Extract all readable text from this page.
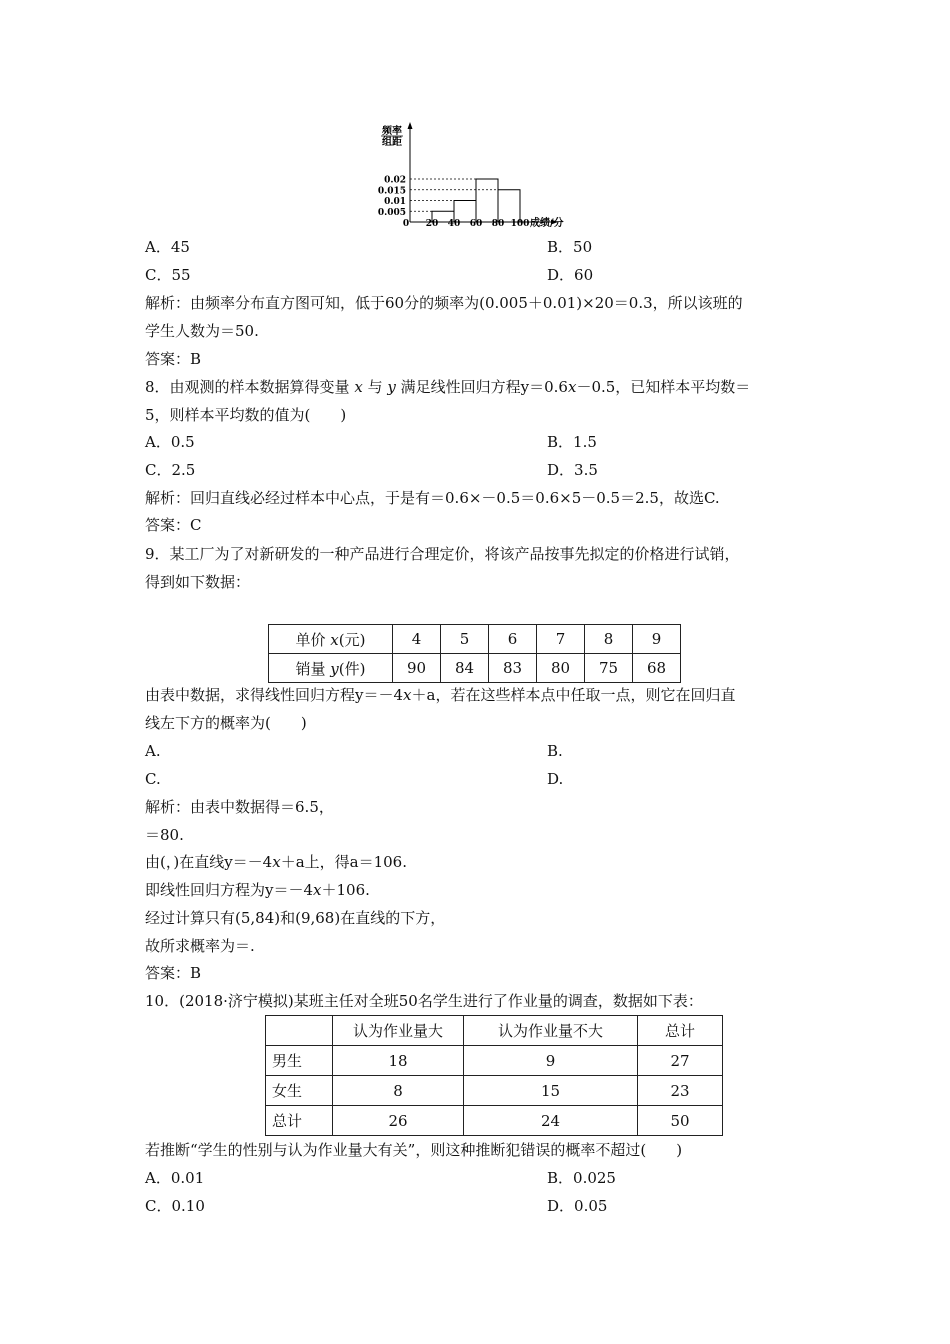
频率
组距
0.02
0.015
0.01
0.005
0 20 40 60 80 100 成绩/分
A．45	B．50
C．55	D．60
解析：由频率分布直方图可知，低于60分的频率为(0.005＋0.01)×20＝0.3，所以该班的
学生人数为＝50.
答案：B
8．由观测的样本数据算得变量 x 与 y 满足线性回归方程y＝0.6x－0.5，已知样本平均数＝
5，则样本平均数的值为(　　)
A．0.5	B．1.5
C．2.5	D．3.5
解析：回归直线必经过样本中心点，于是有＝0.6×－0.5＝0.6×5－0.5＝2.5，故选C.
答案：C
9．某工厂为了对新研发的一种产品进行合理定价，将该产品按事先拟定的价格进行试销，
得到如下数据：
单价 x(元)	4	5	6	7	8	9
销量 y(件)	90	84	83	80	75	68
由表中数据，求得线性回归方程y＝－4x＋a，若在这些样本点中任取一点，则它在回归直
线左下方的概率为(　　)
A.	B.
C.	D.
解析：由表中数据得＝6.5，
＝80.
由(，)在直线y＝－4x＋a上，得a＝106.
即线性回归方程为y＝－4x＋106.
经过计算只有(5,84)和(9,68)在直线的下方，
故所求概率为＝.
答案：B
10．(2018·济宁模拟)某班主任对全班50名学生进行了作业量的调查，数据如下表：
	认为作业量大	认为作业量不大	总计
男生	18	9	27
女生	8	15	23
总计	26	24	50
若推断“学生的性别与认为作业量大有关”，则这种推断犯错误的概率不超过(　　)
A．0.01	B．0.025
C．0.10	D．0.05
